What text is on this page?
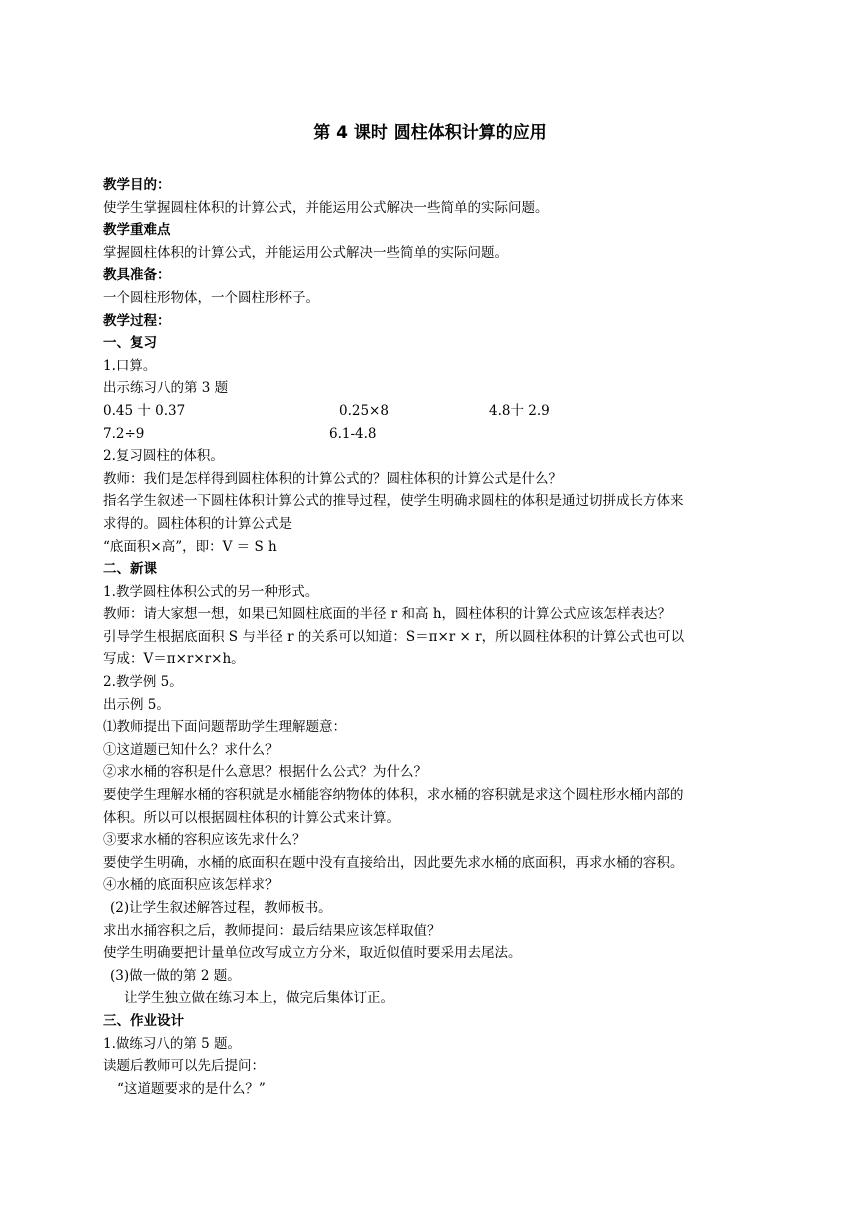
第 4 课时 圆柱体积计算的应用
教学目的：
使学生掌握圆柱体积的计算公式，并能运用公式解决一些简单的实际问题。
教学重难点
掌握圆柱体积的计算公式，并能运用公式解决一些简单的实际问题。
教具准备：
一个圆柱形物体，一个圆柱形杯子。
教学过程：
一、复习
1.口算。
出示练习八的第 3 题
0.45 十 0.37	0.25×8	4.8十 2.9
7.2÷9	6.1-4.8
2.复习圆柱的体积。
教师：我们是怎样得到圆柱体积的计算公式的？圆柱体积的计算公式是什么？
指名学生叙述一下圆柱体积计算公式的推导过程，使学生明确求圆柱的体积是通过切拼成长方体来
求得的。圆柱体积的计算公式是
“底面积×高”，即：V ＝ S h
二、新课
1.教学圆柱体积公式的另一种形式。
教师：请大家想一想，如果已知圆柱底面的半径 r 和高 h，圆柱体积的计算公式应该怎样表达？
引导学生根据底面积 S 与半径 r 的关系可以知道：S＝π×r × r，所以圆柱体积的计算公式也可以
写成：V＝π×r×r×h。
2.教学例 5。
出示例 5。
⑴教师提出下面问题帮助学生理解题意：
①这道题已知什么？求什么？
②求水桶的容积是什么意思？根据什么公式？为什么？
要使学生理解水桶的容积就是水桶能容纳物体的体积，求水桶的容积就是求这个圆柱形水桶内部的
体积。所以可以根据圆柱体积的计算公式来计算。
③要求水桶的容积应该先求什么？
要使学生明确，水桶的底面积在题中没有直接给出，因此要先求水桶的底面积，再求水桶的容积。
④水桶的底面积应该怎样求？
(2)让学生叙述解答过程，教师板书。
求出水捅容积之后，教师提问：最后结果应该怎样取值？
使学生明确要把计量单位改写成立方分米，取近似值时要采用去尾法。
(3)做一做的第 2 题。
让学生独立做在练习本上，做完后集体订正。
三、作业设计
1.做练习八的第 5 题。
读题后教师可以先后提问：
“这道题要求的是什么？”
